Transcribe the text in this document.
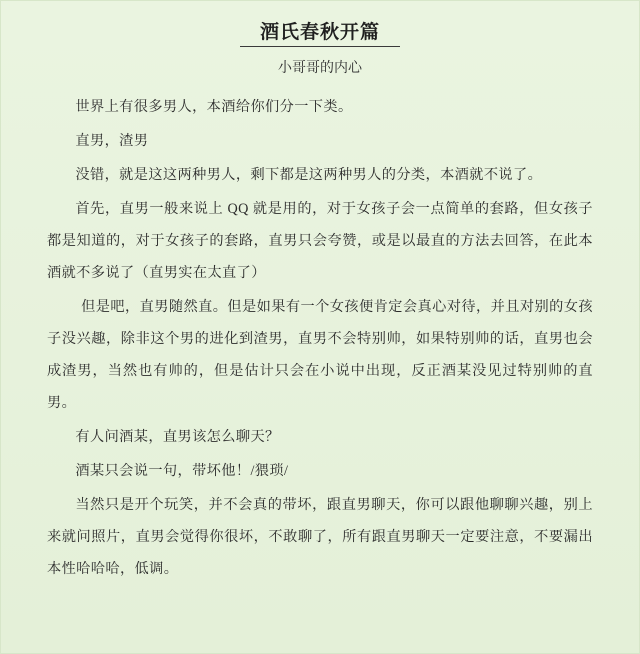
酒氏春秋开篇
小哥哥的内心

世界上有很多男人，本酒给你们分一下类。

直男，渣男

没错，就是这这两种男人，剩下都是这两种男人的分类，本酒就不说了。

首先，直男一般来说上 QQ 就是用的，对于女孩子会一点简单的套路，但女孩子都是知道的，对于女孩子的套路，直男只会夸赞，或是以最直的方法去回答，在此本酒就不多说了（直男实在太直了）

但是吧，直男随然直。但是如果有一个女孩便肯定会真心对待，并且对别的女孩子没兴趣，除非这个男的进化到渣男，直男不会特别帅，如果特别帅的话，直男也会成渣男，当然也有帅的，但是估计只会在小说中出现，反正酒某没见过特别帅的直男。

有人问酒某，直男该怎么聊天？

酒某只会说一句，带坏他！/猥琐/

当然只是开个玩笑，并不会真的带坏，跟直男聊天，你可以跟他聊聊兴趣，别上来就问照片，直男会觉得你很坏，不敢聊了，所有跟直男聊天一定要注意，不要漏出本性哈哈哈，低调。
